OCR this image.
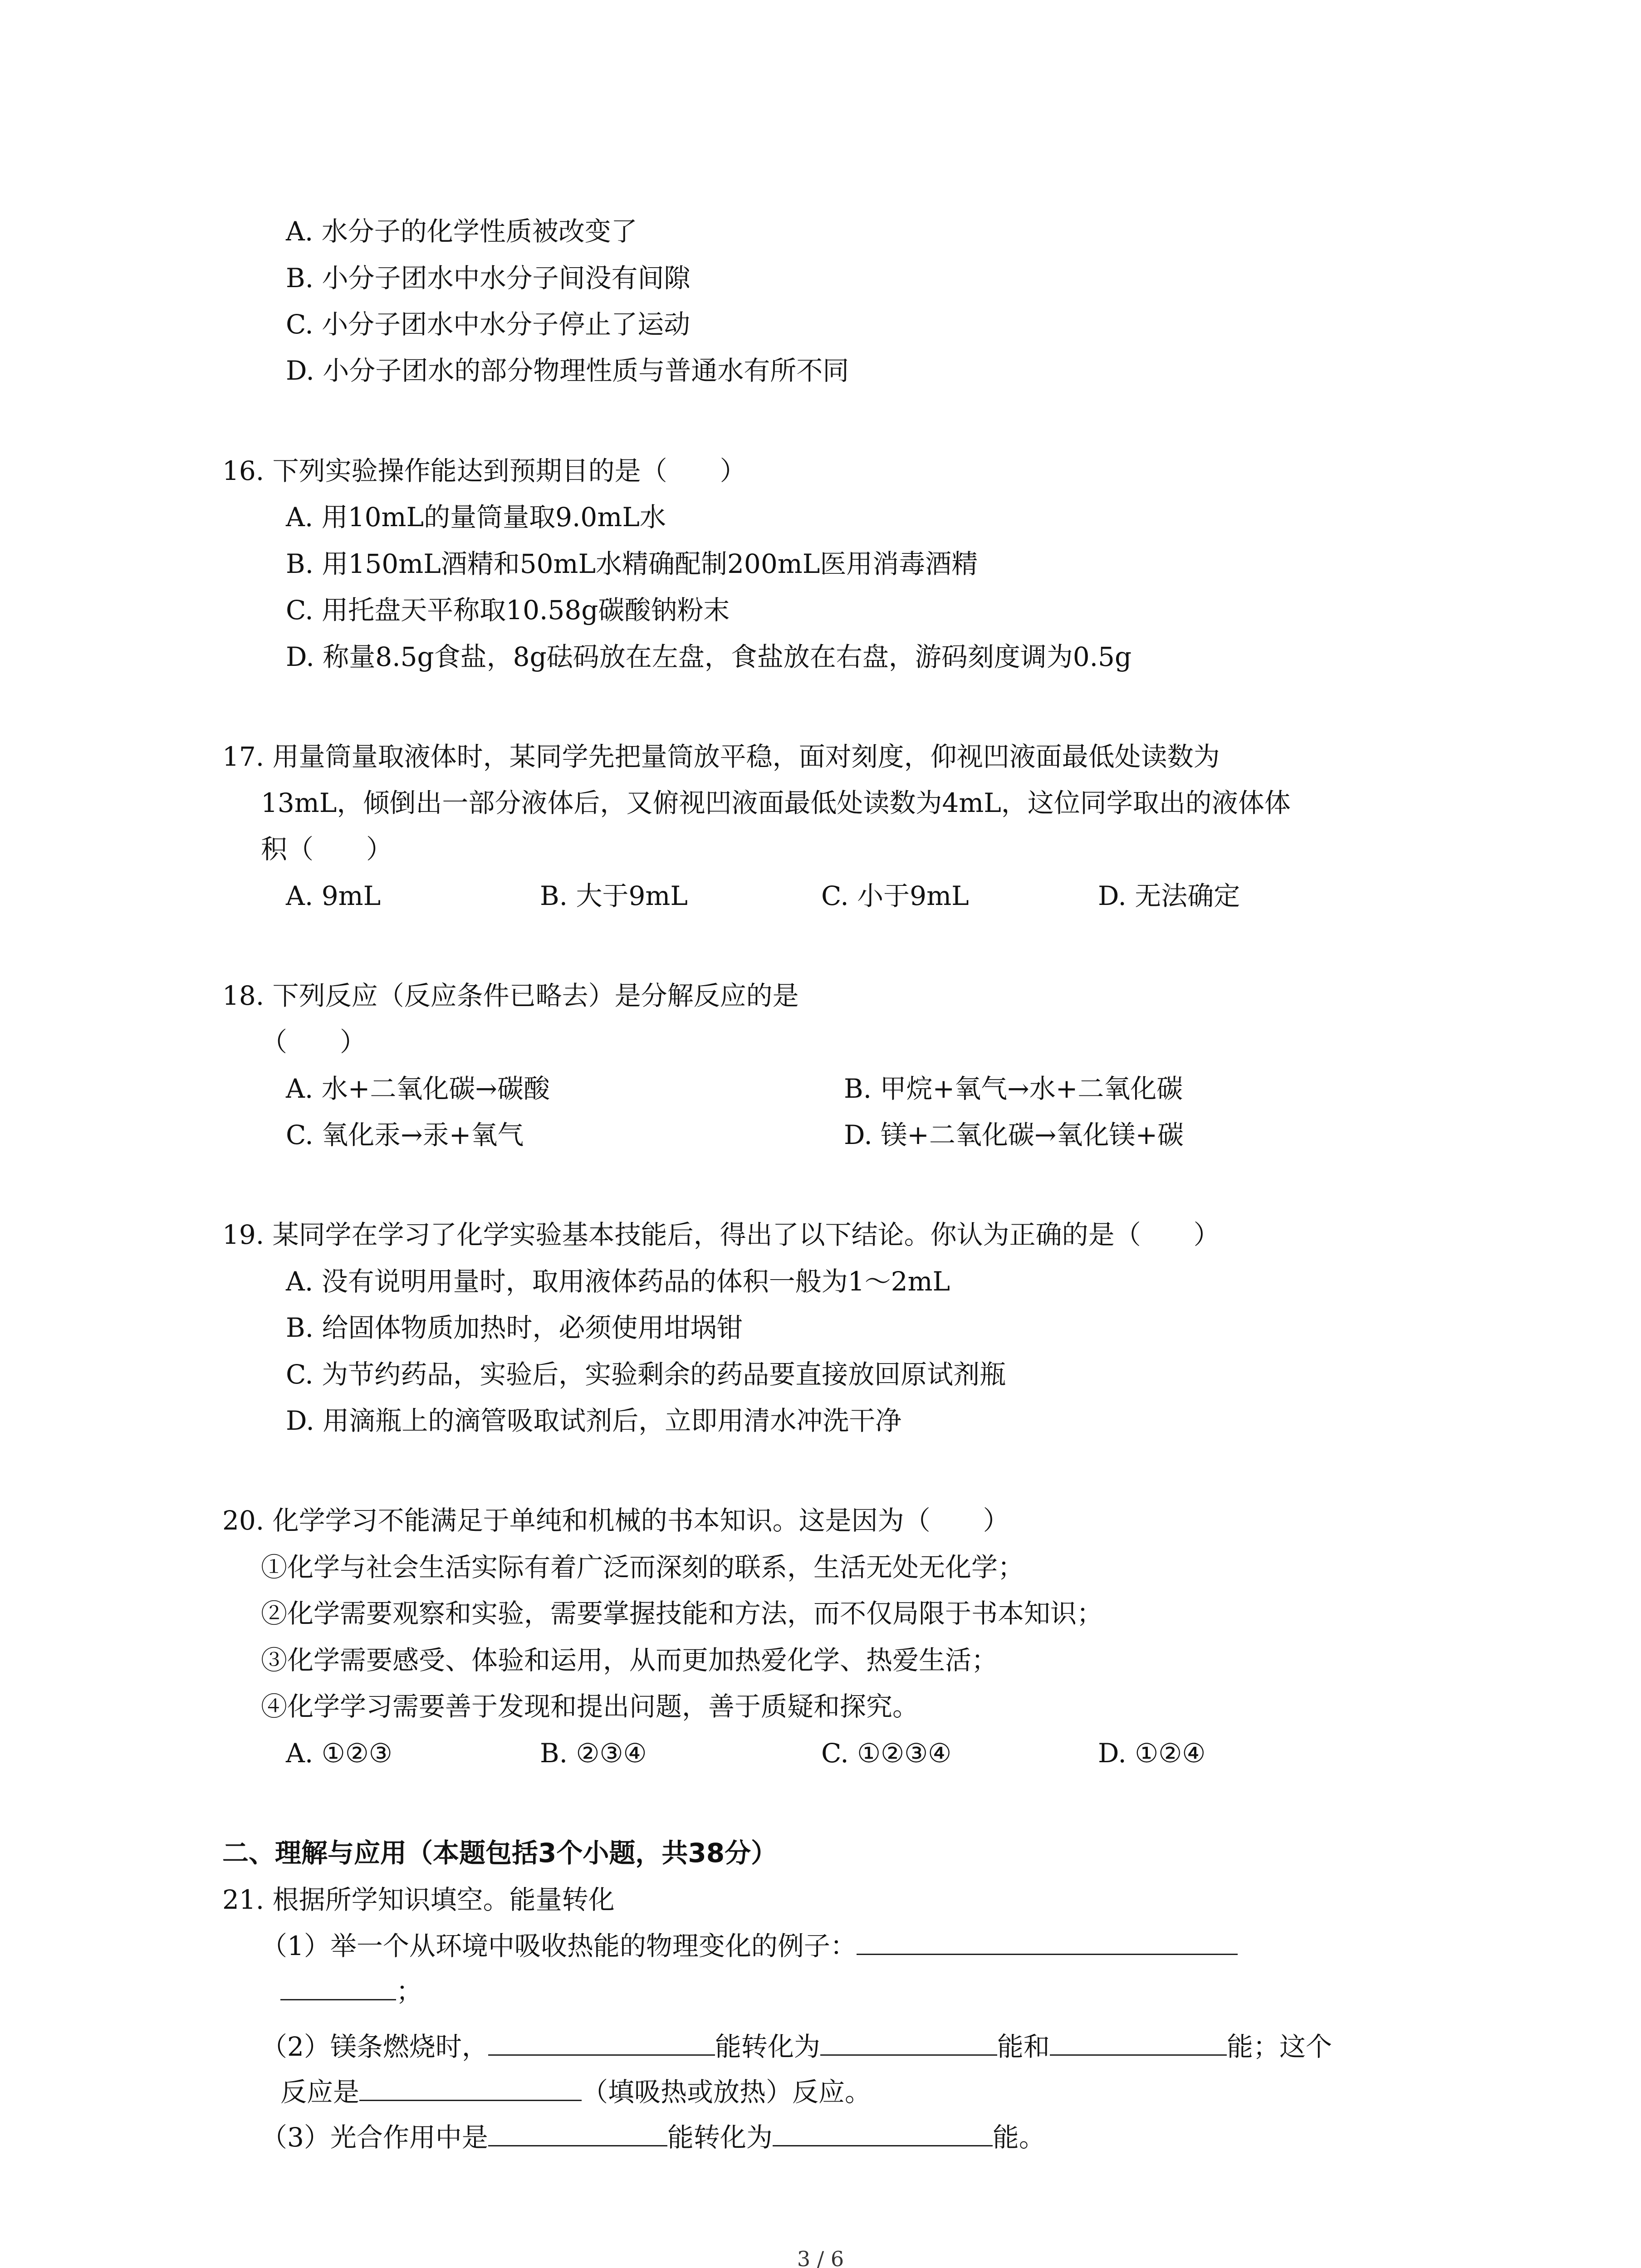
A. 水分子的化学性质被改变了
B. 小分子团水中水分子间没有间隙
C. 小分子团水中水分子停止了运动
D. 小分子团水的部分物理性质与普通水有所不同
16. 下列实验操作能达到预期目的是（　　）
A. 用10mL的量筒量取9.0mL水
B. 用150mL酒精和50mL水精确配制200mL医用消毒酒精
C. 用托盘天平称取10.58g碳酸钠粉末
D. 称量8.5g食盐，8g砝码放在左盘，食盐放在右盘，游码刻度调为0.5g
17. 用量筒量取液体时，某同学先把量筒放平稳，面对刻度，仰视凹液面最低处读数为
13mL，倾倒出一部分液体后，又俯视凹液面最低处读数为4mL，这位同学取出的液体体
积（　　）
A. 9mL	B. 大于9mL	C. 小于9mL	D. 无法确定
18. 下列反应（反应条件已略去）是分解反应的是
（　　）
A. 水+二氧化碳→碳酸	B. 甲烷+氧气→水+二氧化碳
C. 氧化汞→汞+氧气	D. 镁+二氧化碳→氧化镁+碳
19. 某同学在学习了化学实验基本技能后，得出了以下结论。你认为正确的是（　　）
A. 没有说明用量时，取用液体药品的体积一般为1～2mL
B. 给固体物质加热时，必须使用坩埚钳
C. 为节约药品，实验后，实验剩余的药品要直接放回原试剂瓶
D. 用滴瓶上的滴管吸取试剂后，立即用清水冲洗干净
20. 化学学习不能满足于单纯和机械的书本知识。这是因为（　　）
①化学与社会生活实际有着广泛而深刻的联系，生活无处无化学；
②化学需要观察和实验，需要掌握技能和方法，而不仅局限于书本知识；
③化学需要感受、体验和运用，从而更加热爱化学、热爱生活；
④化学学习需要善于发现和提出问题，善于质疑和探究。
A. ①②③	B. ②③④	C. ①②③④	D. ①②④
二、理解与应用（本题包括3个小题，共38分）
21. 根据所学知识填空。能量转化
（1）举一个从环境中吸收热能的物理变化的例子：
；
（2）镁条燃烧时，	能转化为	能和	能；这个
反应是	（填吸热或放热）反应。
（3）光合作用中是	能转化为	能。
3 / 6
